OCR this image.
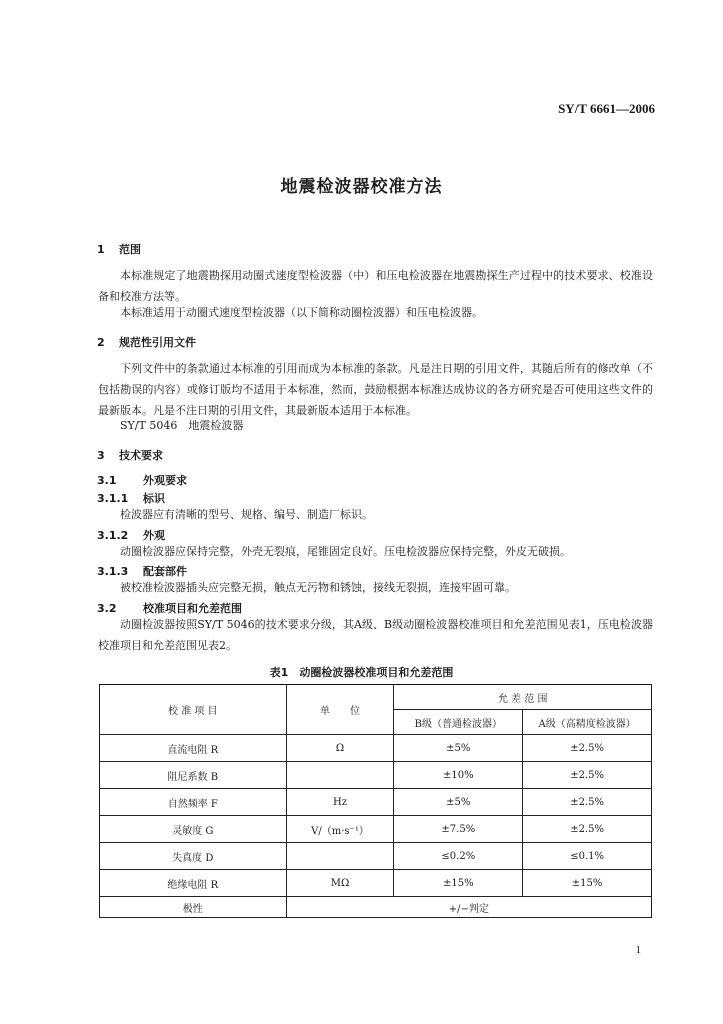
SY/T 6661—2006
地震检波器校准方法
1 范围
本标准规定了地震勘探用动圈式速度型检波器（中）和压电检波器在地震勘探生产过程中的技术要求、校准设备和校准方法等。
本标准适用于动圈式速度型检波器（以下简称动圈检波器）和压电检波器。
2 规范性引用文件
下列文件中的条款通过本标准的引用而成为本标准的条款。凡是注日期的引用文件，其随后所有的修改单（不包括勘误的内容）或修订版均不适用于本标准，然而，鼓励根据本标准达成协议的各方研究是否可使用这些文件的最新版本。凡是不注日期的引用文件，其最新版本适用于本标准。
SY/T 5046　地震检波器
3 技术要求
3.1 外观要求
3.1.1 标识
检波器应有清晰的型号、规格、编号、制造厂标识。
3.1.2 外观
动圈检波器应保持完整，外壳无裂痕，尾锥固定良好。压电检波器应保持完整，外皮无破损。
3.1.3 配套部件
被校准检波器插头应完整无损，触点无污物和锈蚀，接线无裂损，连接牢固可靠。
3.2 校准项目和允差范围
动圈检波器按照SY/T 5046的技术要求分级，其A级、B级动圈检波器校准项目和允差范围见表1，压电检波器校准项目和允差范围见表2。
表1　动圈检波器校准项目和允差范围
校 准 项 目	单　　位	允 差 范 围	
		B级（普通检波器）	A级（高精度检波器）
直流电阻 R	Ω	±5%	±2.5%
阻尼系数 B		±10%	±2.5%
自然频率 F	Hz	±5%	±2.5%
灵敏度 G	V/（m·s⁻¹）	±7.5%	±2.5%
失真度 D		≤0.2%	≤0.1%
绝缘电阻 R	MΩ	±15%	±15%
极性	+/−判定		
1
